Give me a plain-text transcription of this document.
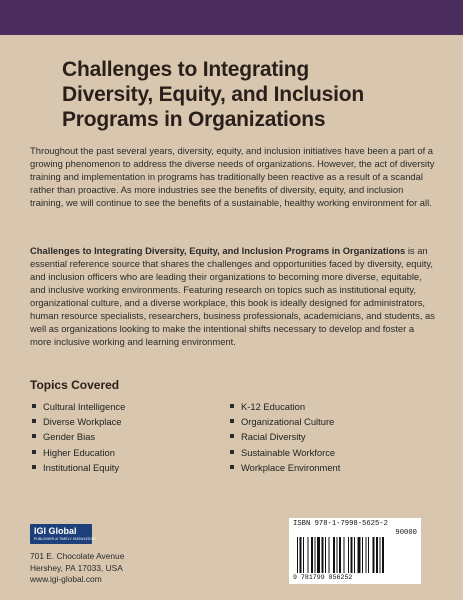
Challenges to Integrating
Diversity, Equity, and Inclusion
Programs in Organizations
Throughout the past several years, diversity, equity, and inclusion initiatives have been a part of a growing phenomenon to address the diverse needs of organizations. However, the act of diversity training and implementation in programs has traditionally been reactive as a result of a scandal rather than proactive. As more industries see the benefits of diversity, equity, and inclusion training, we will continue to see the benefits of a sustainable, healthy working environment for all.
Challenges to Integrating Diversity, Equity, and Inclusion Programs in Organizations is an essential reference source that shares the challenges and opportunities faced by diversity, equity, and inclusion officers who are leading their organizations to becoming more diverse, equitable, and inclusive working environments. Featuring research on topics such as institutional equity, organizational culture, and a diverse workplace, this book is ideally designed for administrators, human resource specialists, researchers, business professionals, academicians, and students, as well as organizations looking to make the intentional shifts necessary to develop and foster a more inclusive working and learning environment.
Topics Covered
Cultural Intelligence
Diverse Workplace
Gender Bias
Higher Education
Institutional Equity
K-12 Education
Organizational Culture
Racial Diversity
Sustainable Workforce
Workplace Environment
IGI Global
PUBLISHER of TIMELY KNOWLEDGE
701 E. Chocolate Avenue
Hershey, PA 17033, USA
www.igi-global.com
ISBN 978-1-7998-5625-2
90000
9 781799 856252
